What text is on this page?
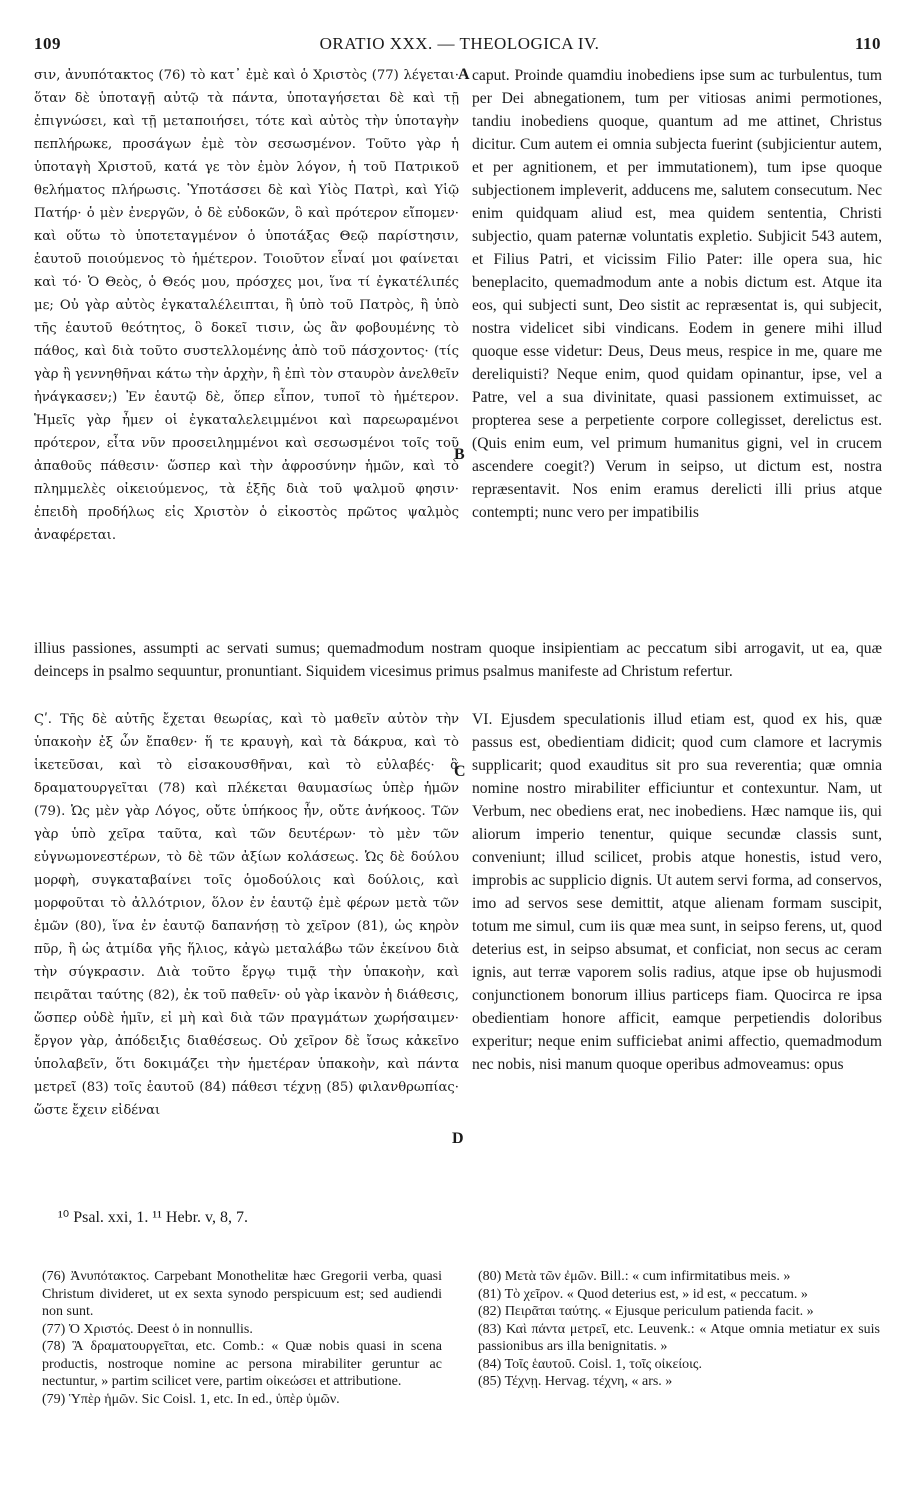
109	ORATIO XXX. — THEOLOGICA IV.	110

σιν, ἀνυπότακτος (76) τὸ κατ᾽ ἐμὲ καὶ ὁ Χριστὸς (77) λέγεται· ὅταν δὲ ὑποταγῇ αὐτῷ τὰ πάντα, ὑποταγήσεται δὲ καὶ τῇ ἐπιγνώσει, καὶ τῇ μεταποιήσει, τότε καὶ αὐτὸς τὴν ὑποταγὴν πεπλήρωκε, προσάγων ἐμὲ τὸν σεσωσμένον. Τοῦτο γὰρ ἡ ὑποταγὴ Χριστοῦ, κατά γε τὸν ἐμὸν λόγον, ἡ τοῦ Πατρικοῦ θελήματος πλήρωσις. Ὑποτάσσει δὲ καὶ Υἱὸς Πατρὶ, καὶ Υἱῷ Πατήρ· ὁ μὲν ἐνεργῶν, ὁ δὲ εὐδοκῶν, ὃ καὶ πρότερον εἴπομεν· καὶ οὕτω τὸ ὑποτεταγμένον ὁ ὑποτάξας Θεῷ παρίστησιν, ἑαυτοῦ ποιούμενος τὸ ἡμέτερον. Τοιοῦτον εἶναί μοι φαίνεται καὶ τό· Ὁ Θεὸς, ὁ Θεός μου, πρόσχες μοι, ἵνα τί ἐγκατέλιπές με; Οὐ γὰρ αὐτὸς ἐγκαταλέλειπται, ἢ ὑπὸ τοῦ Πατρὸς, ἢ ὑπὸ τῆς ἑαυτοῦ θεότητος, ὃ δοκεῖ τισιν, ὡς ἂν φοβουμένης τὸ πάθος, καὶ διὰ τοῦτο συστελλομένης ἀπὸ τοῦ πάσχοντος· (τίς γὰρ ἢ γεννηθῆναι κάτω τὴν ἀρχὴν, ἢ ἐπὶ τὸν σταυρὸν ἀνελθεῖν ἠνάγκασεν;) Ἐν ἑαυτῷ δὲ, ὅπερ εἶπον, τυποῖ τὸ ἡμέτερον. Ἡμεῖς γὰρ ἦμεν οἱ ἐγκαταλελειμμένοι καὶ παρεωραμένοι πρότερον, εἶτα νῦν προσειλημμένοι καὶ σεσωσμένοι τοῖς τοῦ ἀπαθοῦς πάθεσιν· ὥσπερ καὶ τὴν ἀφροσύνην ἡμῶν, καὶ τὸ πλημμελὲς οἰκειούμενος, τὰ ἑξῆς διὰ τοῦ ψαλμοῦ φησιν· ἐπειδὴ προδήλως εἰς Χριστὸν ὁ εἰκοστὸς πρῶτος ψαλμὸς ἀναφέρεται.

caput. Proinde quamdiu inobediens ipse sum ac turbulentus, tum per Dei abnegationem, tum per vitiosas animi permotiones, tandiu inobediens quoque, quantum ad me attinet, Christus dicitur. Cum autem ei omnia subjecta fuerint (subjicientur autem, et per agnitionem, et per immutationem), tum ipse quoque subjectionem impleverit, adducens me, salutem consecutum. Nec enim quidquam aliud est, mea quidem sententia, Christi subjectio, quam paternæ voluntatis expletio. Subjicit 543 autem, et Filius Patri, et vicissim Filio Pater: ille opera sua, hic beneplacito, quemadmodum ante a nobis dictum est. Atque ita eos, qui subjecti sunt, Deo sistit ac repræsentat is, qui subjecit, nostra videlicet sibi vindicans. Eodem in genere mihi illud quoque esse videtur: Deus, Deus meus, respice in me, quare me dereliquisti? Neque enim, quod quidam opinantur, ipse, vel a Patre, vel a sua divinitate, quasi passionem extimuisset, ac propterea sese a perpetiente corpore collegisset, derelictus est. (Quis enim eum, vel primum humanitus gigni, vel in crucem ascendere coegit?) Verum in seipso, ut dictum est, nostra repræsentavit. Nos enim eramus derelicti illi prius atque contempti; nunc vero per impatibilis

A
B
C
D

illius passiones, assumpti ac servati sumus; quemadmodum nostram quoque insipientiam ac peccatum sibi arrogavit, ut ea, quæ deinceps in psalmo sequuntur, pronuntiant. Siquidem vicesimus primus psalmus manifeste ad Christum refertur.

Ϛʹ. Τῆς δὲ αὐτῆς ἔχεται θεωρίας, καὶ τὸ μαθεῖν αὐτὸν τὴν ὑπακοὴν ἐξ ὧν ἔπαθεν· ἥ τε κραυγὴ, καὶ τὰ δάκρυα, καὶ τὸ ἱκετεῦσαι, καὶ τὸ εἰσακουσθῆναι, καὶ τὸ εὐλαβές· ἃ δραματουργεῖται (78) καὶ πλέκεται θαυμασίως ὑπὲρ ἡμῶν (79). Ὡς μὲν γὰρ Λόγος, οὔτε ὑπήκοος ἦν, οὔτε ἀνήκοος. Τῶν γὰρ ὑπὸ χεῖρα ταῦτα, καὶ τῶν δευτέρων· τὸ μὲν τῶν εὐγνωμονεστέρων, τὸ δὲ τῶν ἀξίων κολάσεως. Ὡς δὲ δούλου μορφὴ, συγκαταβαίνει τοῖς ὁμοδούλοις καὶ δούλοις, καὶ μορφοῦται τὸ ἀλλότριον, ὅλον ἐν ἑαυτῷ ἐμὲ φέρων μετὰ τῶν ἐμῶν (80), ἵνα ἐν ἑαυτῷ δαπανήσῃ τὸ χεῖρον (81), ὡς κηρὸν πῦρ, ἢ ὡς ἀτμίδα γῆς ἥλιος, κἀγὼ μεταλάβω τῶν ἐκείνου διὰ τὴν σύγκρασιν. Διὰ τοῦτο ἔργῳ τιμᾷ τὴν ὑπακοὴν, καὶ πειρᾶται ταύτης (82), ἐκ τοῦ παθεῖν· οὐ γὰρ ἱκανὸν ἡ διάθεσις, ὥσπερ οὐδὲ ἡμῖν, εἰ μὴ καὶ διὰ τῶν πραγμάτων χωρήσαιμεν· ἔργον γὰρ, ἀπόδειξις διαθέσεως. Οὐ χεῖρον δὲ ἴσως κἀκεῖνο ὑπολαβεῖν, ὅτι δοκιμάζει τὴν ἡμετέραν ὑπακοὴν, καὶ πάντα μετρεῖ (83) τοῖς ἑαυτοῦ (84) πάθεσι τέχνῃ (85) φιλανθρωπίας· ὥστε ἔχειν εἰδέναι

VI. Ejusdem speculationis illud etiam est, quod ex his, quæ passus est, obedientiam didicit; quod cum clamore et lacrymis supplicarit; quod exauditus sit pro sua reverentia; quæ omnia nomine nostro mirabiliter efficiuntur et contexuntur. Nam, ut Verbum, nec obediens erat, nec inobediens. Hæc namque iis, qui aliorum imperio tenentur, quique secundæ classis sunt, conveniunt; illud scilicet, probis atque honestis, istud vero, improbis ac supplicio dignis. Ut autem servi forma, ad conservos, imo ad servos sese demittit, atque alienam formam suscipit, totum me simul, cum iis quæ mea sunt, in seipso ferens, ut, quod deterius est, in seipso absumat, et conficiat, non secus ac ceram ignis, aut terræ vaporem solis radius, atque ipse ob hujusmodi conjunctionem bonorum illius particeps fiam. Quocirca re ipsa obedientiam honore afficit, eamque perpetiendis doloribus experitur; neque enim sufficiebat animi affectio, quemadmodum nec nobis, nisi manum quoque operibus admoveamus: opus

¹⁰ Psal. xxi, 1. ¹¹ Hebr. v, 8, 7.

(76) Ἀνυπότακτος. Carpebant Monothelitæ hæc Gregorii verba, quasi Christum divideret, ut ex sexta synodo perspicuum est; sed audiendi non sunt.

(77) Ὁ Χριστός. Deest ὁ in nonnullis.

(78) Ἃ δραματουργεῖται, etc. Comb.: « Quæ nobis quasi in scena productis, nostroque nomine ac persona mirabiliter geruntur ac nectuntur, » partim scilicet vere, partim οἰκεώσει et attributione.

(79) Ὑπὲρ ἡμῶν. Sic Coisl. 1, etc. In ed., ὑπὲρ ὑμῶν.

(80) Μετὰ τῶν ἐμῶν. Bill.: « cum infirmitatibus meis. »

(81) Τὸ χεῖρον. « Quod deterius est, » id est, « peccatum. »

(82) Πειρᾶται ταύτης. « Ejusque periculum patienda facit. »

(83) Καὶ πάντα μετρεῖ, etc. Leuvenk.: « Atque omnia metiatur ex suis passionibus ars illa benignitatis. »

(84) Τοῖς ἑαυτοῦ. Coisl. 1, τοῖς οἰκείοις.

(85) Τέχνῃ. Hervag. τέχνη, « ars. »
